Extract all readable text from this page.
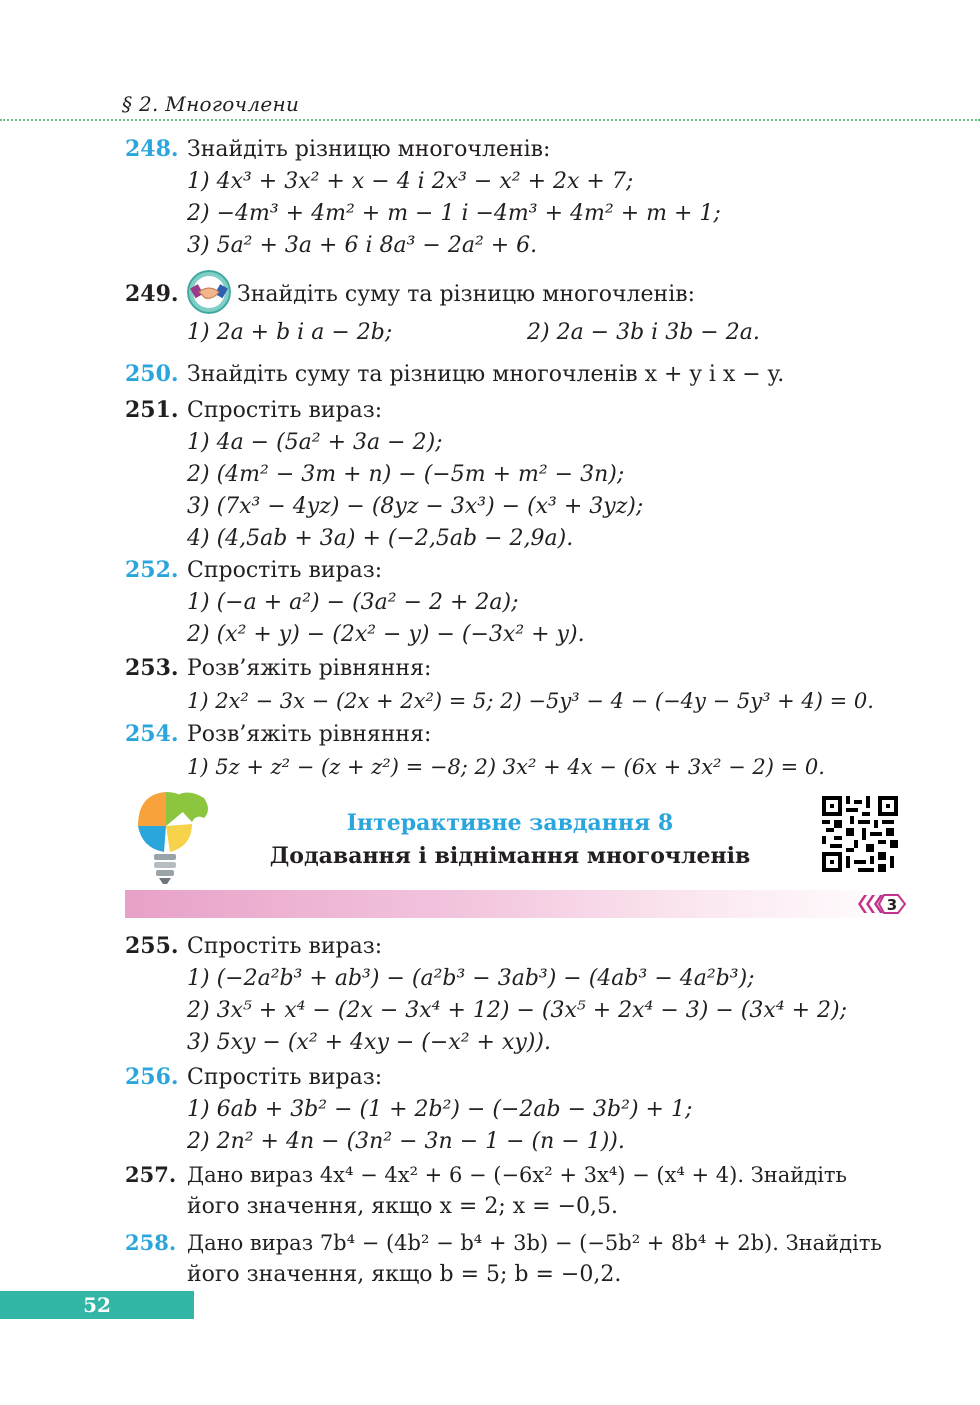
§ 2. Многочлени

248. Знайдіть різницю многочленів:

1) 4x³ + 3x² + x − 4 і 2x³ − x² + 2x + 7;

2) −4m³ + 4m² + m − 1 і −4m³ + 4m² + m + 1;

3) 5a² + 3a + 6 і 8a³ − 2a² + 6.

249.	Знайдіть суму та різницю многочленів:

1) 2a + b і a − 2b;	2) 2a − 3b і 3b − 2a.

250. Знайдіть суму та різницю многочленів x + y і x − y.

251. Спростіть вираз:

1) 4a − (5a² + 3a − 2);

2) (4m² − 3m + n) − (−5m + m² − 3n);

3) (7x³ − 4yz) − (8yz − 3x³) − (x³ + 3yz);

4) (4,5ab + 3a) + (−2,5ab − 2,9a).

252. Спростіть вираз:

1) (−a + a²) − (3a² − 2 + 2a);

2) (x² + y) − (2x² − y) − (−3x² + y).

253. Розв’яжіть рівняння:

1) 2x² − 3x − (2x + 2x²) = 5; 2) −5y³ − 4 − (−4y − 5y³ + 4) = 0.

254. Розв’яжіть рівняння:

1) 5z + z² − (z + z²) = −8; 2) 3x² + 4x − (6x + 3x² − 2) = 0.

Інтерактивне завдання 8
Додавання і віднімання многочленів
3

255. Спростіть вираз:

1) (−2a²b³ + ab³) − (a²b³ − 3ab³) − (4ab³ − 4a²b³);

2) 3x⁵ + x⁴ − (2x − 3x⁴ + 12) − (3x⁵ + 2x⁴ − 3) − (3x⁴ + 2);

3) 5xy − (x² + 4xy − (−x² + xy)).

256. Спростіть вираз:

1) 6ab + 3b² − (1 + 2b²) − (−2ab − 3b²) + 1;

2) 2n² + 4n − (3n² − 3n − 1 − (n − 1)).

257. Дано вираз 4x⁴ − 4x² + 6 − (−6x² + 3x⁴) − (x⁴ + 4). Знайдіть

його значення, якщо x = 2; x = −0,5.

258. Дано вираз 7b⁴ − (4b² − b⁴ + 3b) − (−5b² + 8b⁴ + 2b). Знайдіть

його значення, якщо b = 5; b = −0,2.

52
